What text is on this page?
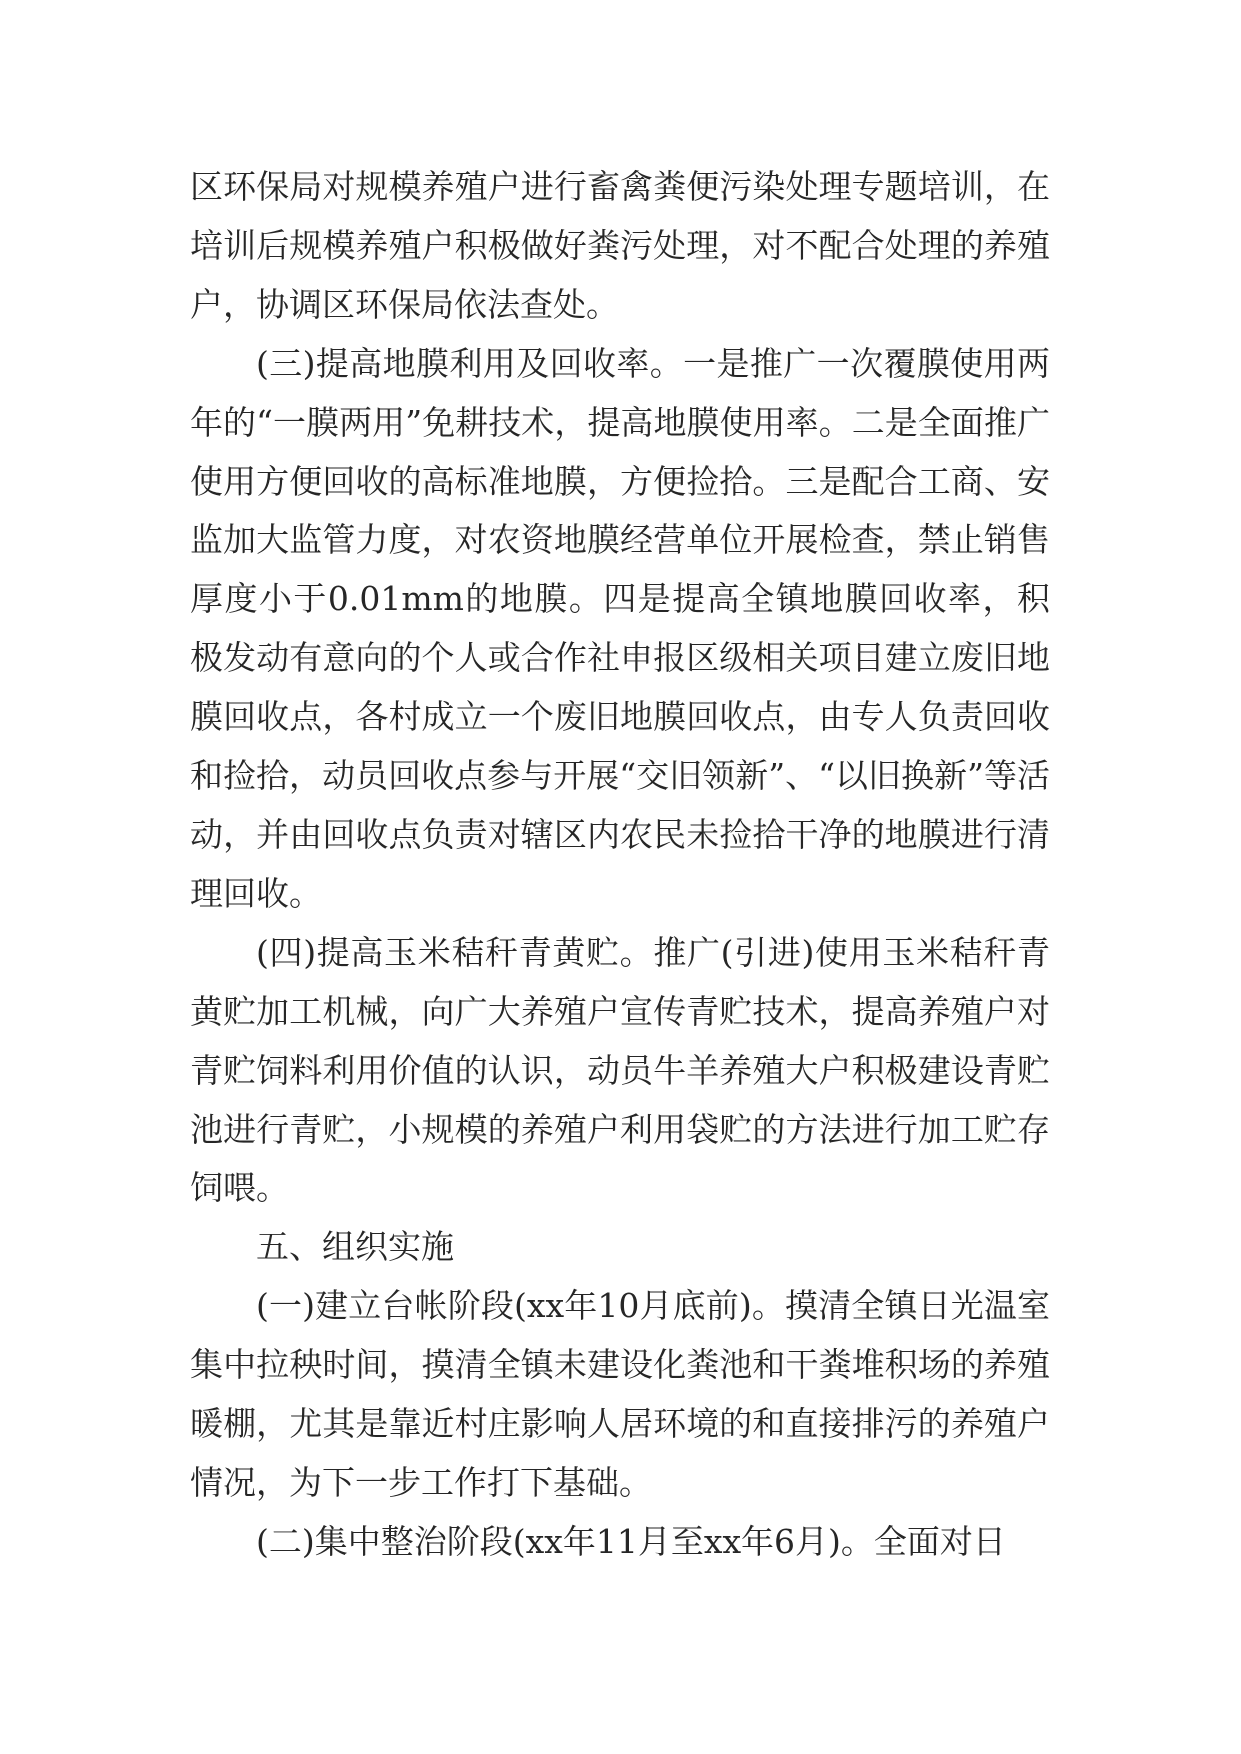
区环保局对规模养殖户进行畜禽粪便污染处理专题培训，在培训后规模养殖户积极做好粪污处理，对不配合处理的养殖户，协调区环保局依法查处。

(三)提高地膜利用及回收率。一是推广一次覆膜使用两年的“一膜两用”免耕技术，提高地膜使用率。二是全面推广使用方便回收的高标准地膜，方便捡拾。三是配合工商、安监加大监管力度，对农资地膜经营单位开展检查，禁止销售厚度小于0.01mm的地膜。四是提高全镇地膜回收率，积极发动有意向的个人或合作社申报区级相关项目建立废旧地膜回收点，各村成立一个废旧地膜回收点，由专人负责回收和捡拾，动员回收点参与开展“交旧领新”、“以旧换新”等活动，并由回收点负责对辖区内农民未捡拾干净的地膜进行清理回收。

(四)提高玉米秸秆青黄贮。推广(引进)使用玉米秸秆青黄贮加工机械，向广大养殖户宣传青贮技术，提高养殖户对青贮饲料利用价值的认识，动员牛羊养殖大户积极建设青贮池进行青贮，小规模的养殖户利用袋贮的方法进行加工贮存饲喂。

五、组织实施

(一)建立台帐阶段(xx年10月底前)。摸清全镇日光温室集中拉秧时间，摸清全镇未建设化粪池和干粪堆积场的养殖暖棚，尤其是靠近村庄影响人居环境的和直接排污的养殖户情况，为下一步工作打下基础。

(二)集中整治阶段(xx年11月至xx年6月)。全面对日
